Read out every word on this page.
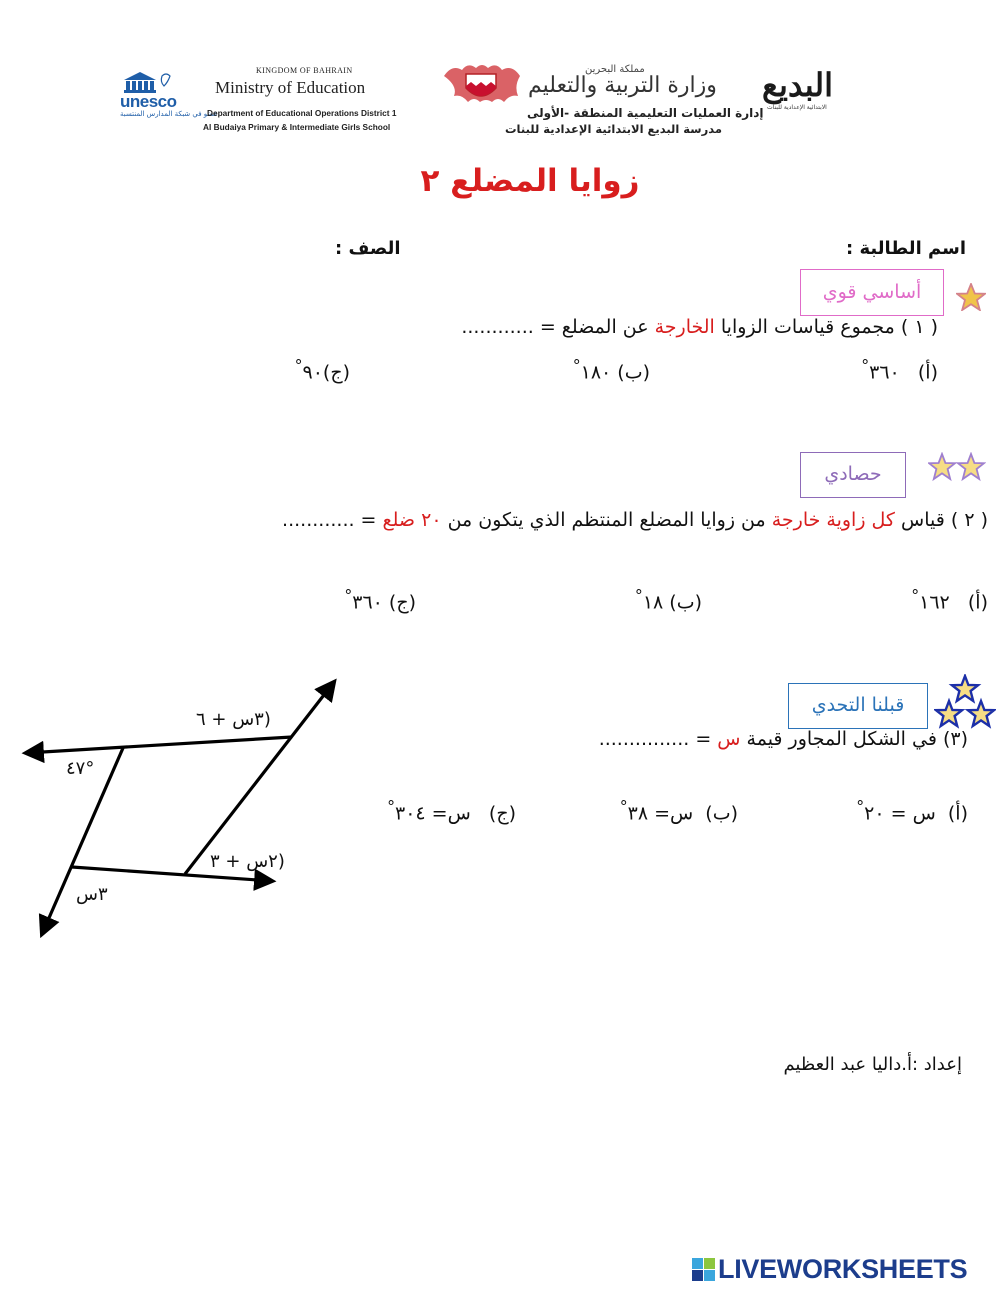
unesco
عضو في شبكة المدارس المنتسبة
KINGDOM OF BAHRAIN
Ministry of Education
Department of Educational Operations District 1
Al Budaiya Primary & Intermediate Girls School
مملكة البحرين
وزارة التربية والتعليم
إدارة العمليات التعليمية المنطقة -الأولى
مدرسة البديع الابتدائية الإعدادية للبنات
البديع
الابتدائية الإعدادية للبنات
زوايا المضلع ٢
اسم الطالبة :
الصف :
أساسي قوي
( ١ ) مجموع قياسات الزوايا الخارجة عن المضلع = ............
(أ)   ٣٦٠°
(ب) ١٨٠°
(ج)٩٠°
حصادي
( ٢ ) قياس كل زاوية خارجة من زوايا المضلع المنتظم الذي يتكون من ٢٠ ضلع = ............
(أ)   ١٦٢°
(ب) ١٨°
(ج) ٣٦٠°
قبلنا التحدي
(٣) في الشكل المجاور قيمة س = ...............
(أ)  س = ٢٠°
(ب)  س= ٣٨°
(ج)   س= ٣٠٤°
(٣س + ٦
٤٧°
(٢س + ٣
٣س
إعداد :أ.داليا عبد العظيم
LIVEWORKSHEETS
